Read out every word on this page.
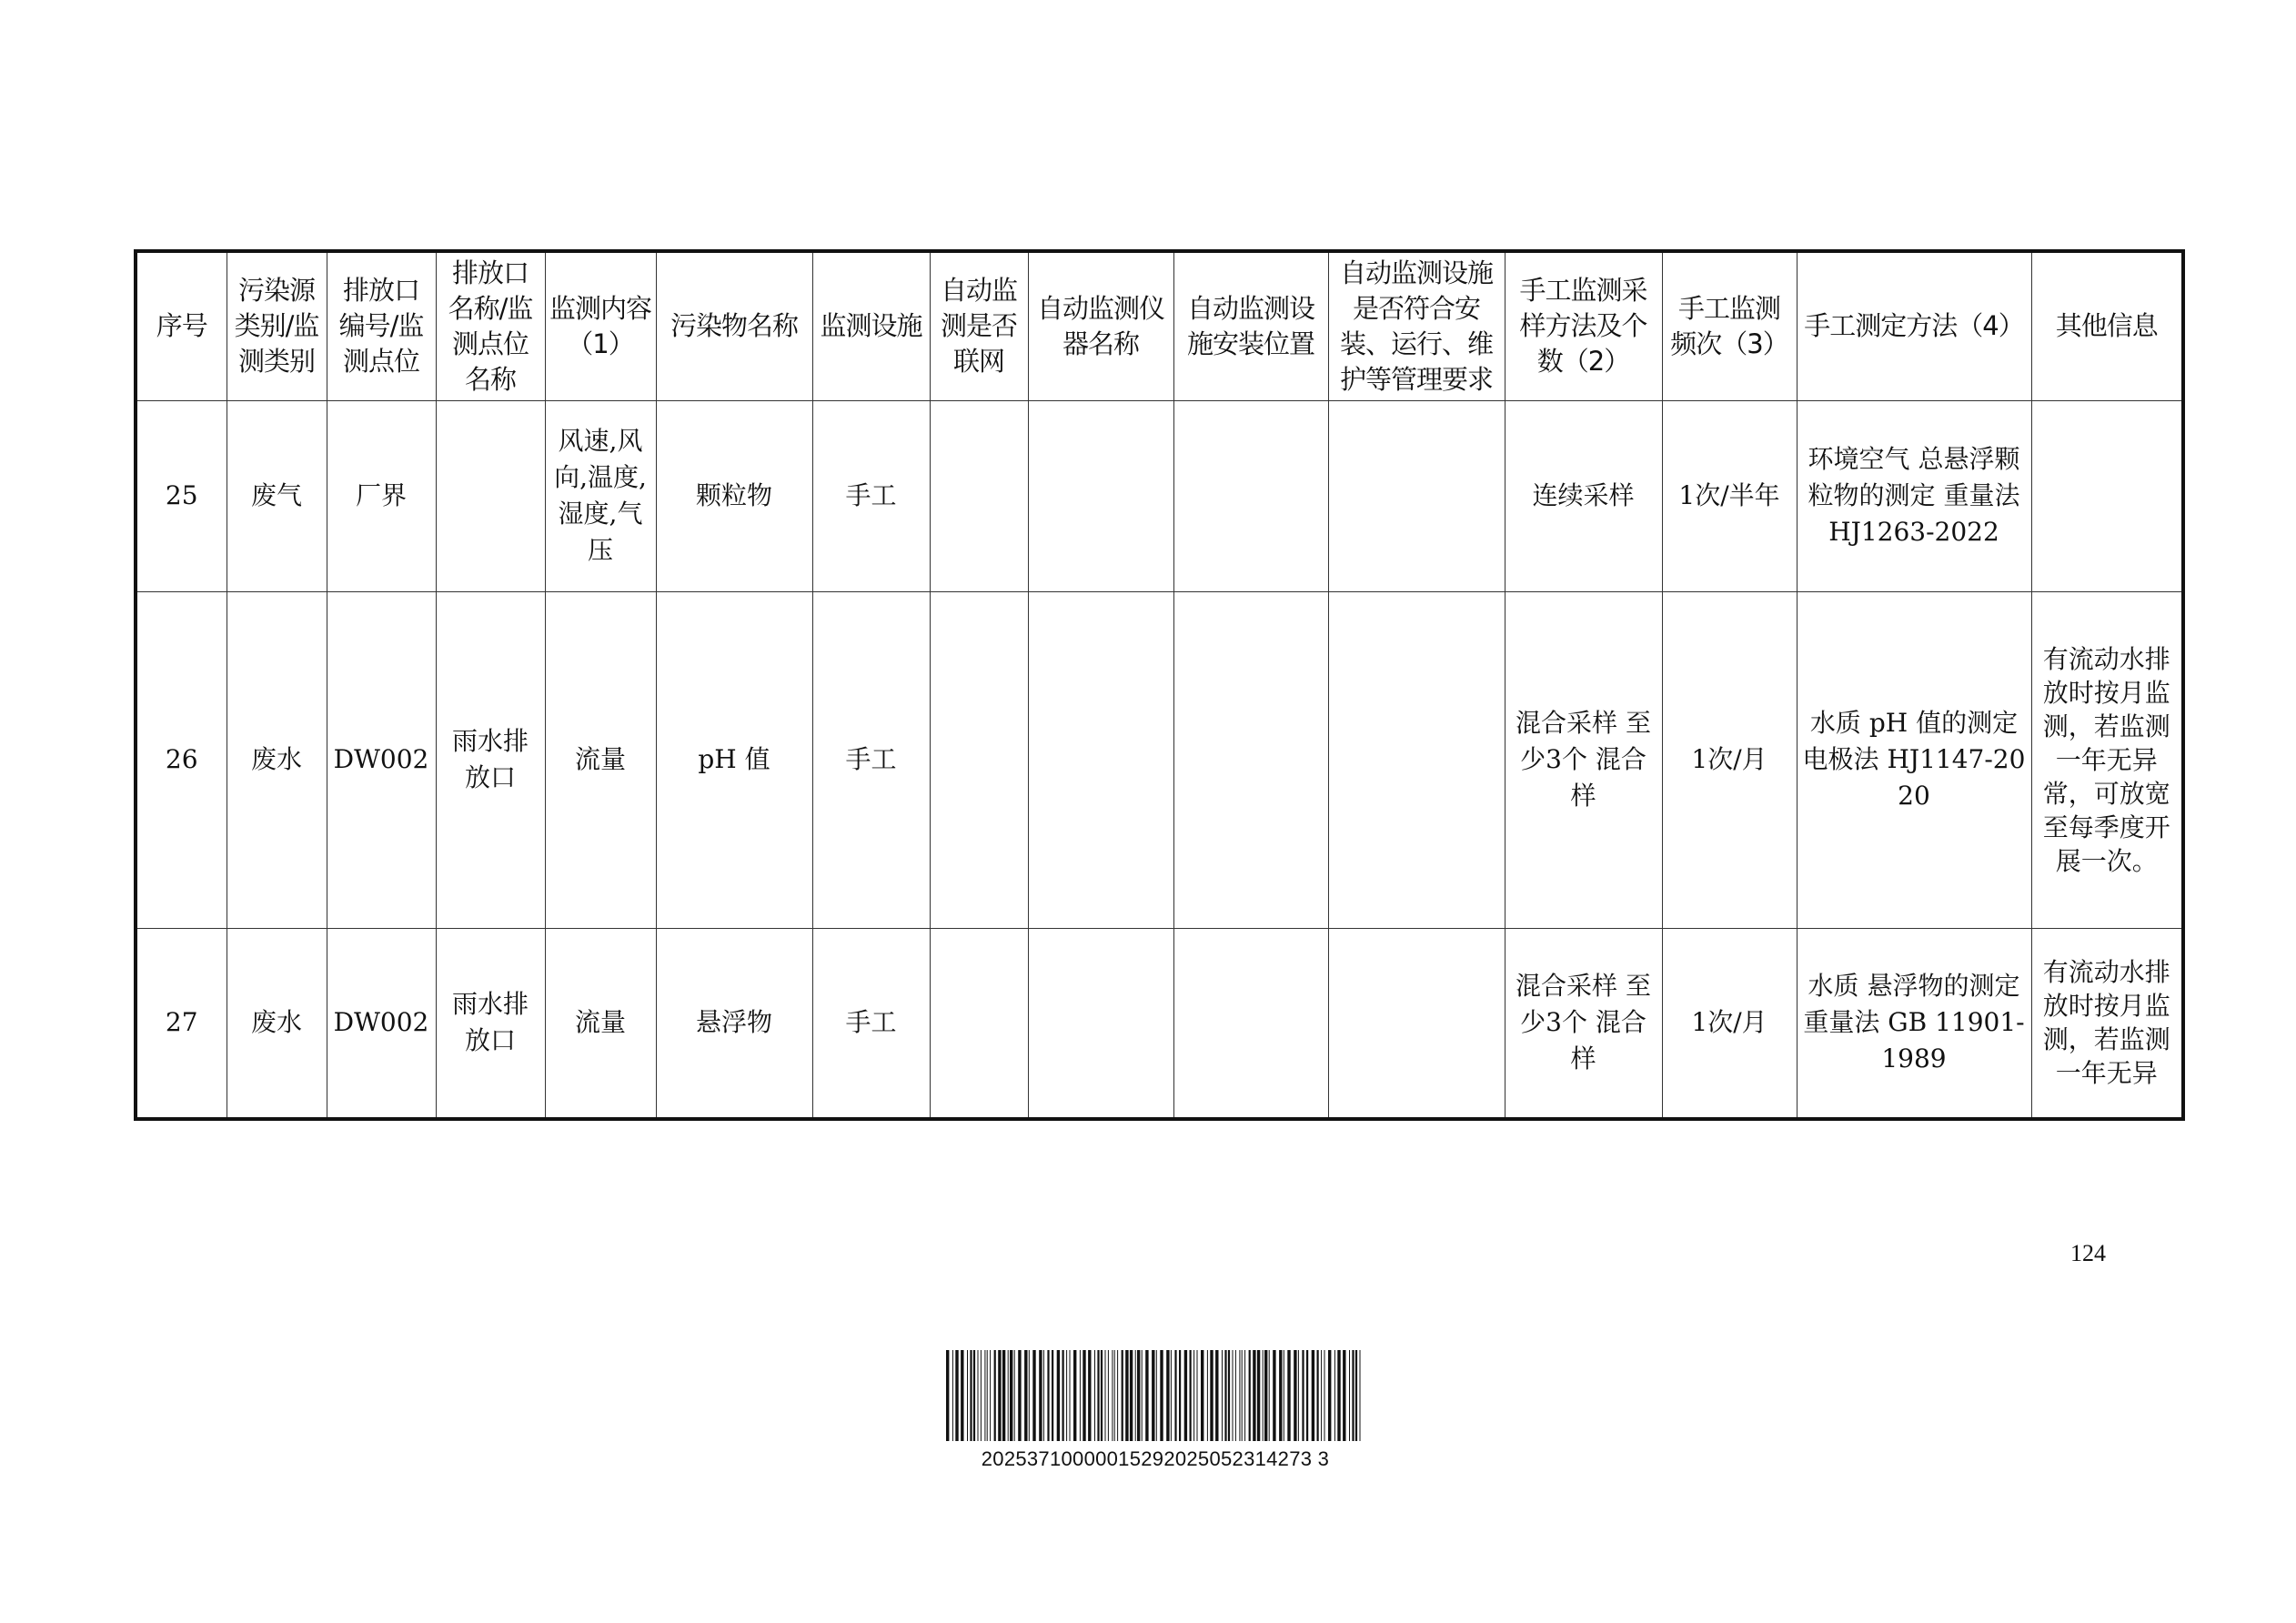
序号	污染源类别/监测类别	排放口编号/监测点位	排放口名称/监测点位名称	监测内容（1）	污染物名称	监测设施	自动监测是否联网	自动监测仪器名称	自动监测设施安装位置	自动监测设施是否符合安装、运行、维护等管理要求	手工监测采样方法及个数（2）	手工监测频次（3）	手工测定方法（4）	其他信息
25	废气	厂界		风速,风向,温度,湿度,气压	颗粒物	手工					连续采样	1次/半年	环境空气 总悬浮颗粒物的测定 重量法 HJ1263-2022	
26	废水	DW002	雨水排放口	流量	pH 值	手工					混合采样 至少3个 混合样	1次/月	水质 pH 值的测定 电极法 HJ1147-2020	有流动水排放时按月监测，若监测一年无异常，可放宽至每季度开展一次。
27	废水	DW002	雨水排放口	流量	悬浮物	手工					混合采样 至少3个 混合样	1次/月	水质 悬浮物的测定 重量法 GB 11901-1989	有流动水排放时按月监测，若监测一年无异
124
20253710000015292025052314273 3
